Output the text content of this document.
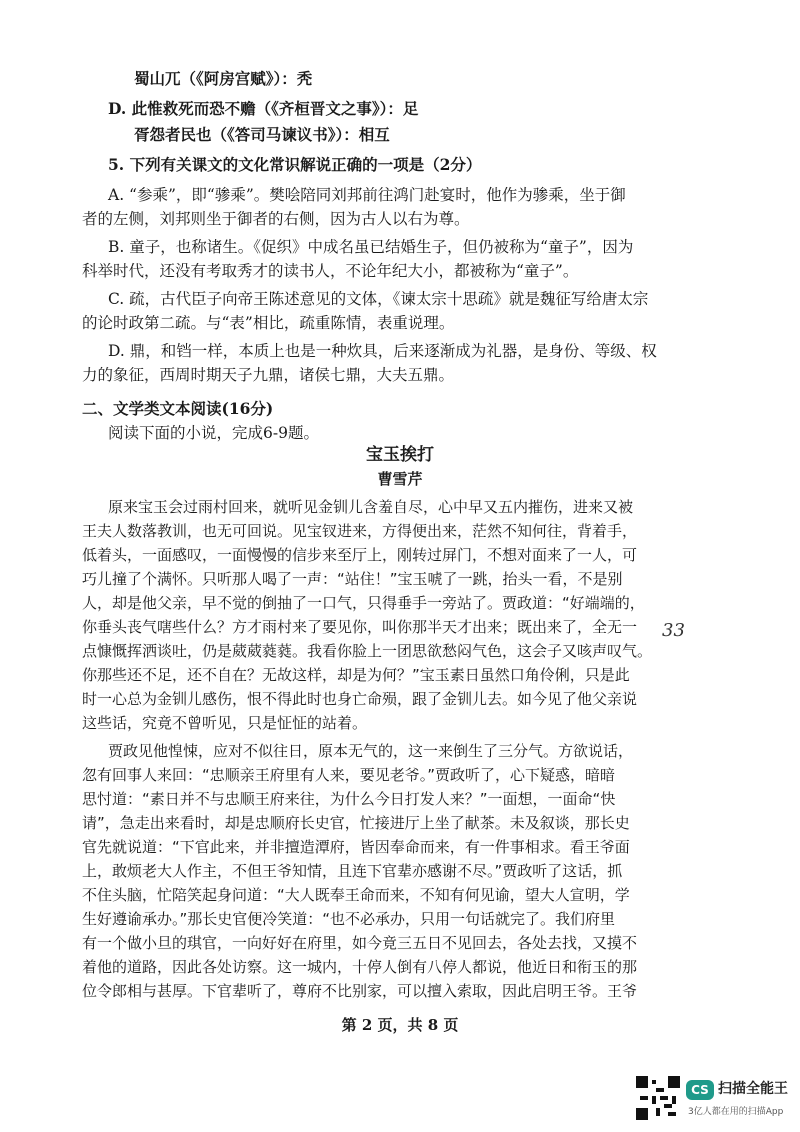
蜀山兀（《阿房宫赋》）：秃
D. 此惟救死而恐不赡（《齐桓晋文之事》）：足
胥怨者民也（《答司马谏议书》）：相互
5. 下列有关课文的文化常识解说正确的一项是（2分）
A. “参乘”，即“骖乘”。樊哙陪同刘邦前往鸿门赴宴时，他作为骖乘，坐于御
者的左侧，刘邦则坐于御者的右侧，因为古人以右为尊。
B. 童子，也称诸生。《促织》中成名虽已结婚生子，但仍被称为“童子”，因为
科举时代，还没有考取秀才的读书人，不论年纪大小，都被称为“童子”。
C. 疏，古代臣子向帝王陈述意见的文体，《谏太宗十思疏》就是魏征写给唐太宗
的论时政第二疏。与“表”相比，疏重陈情，表重说理。
D. 鼎，和铛一样，本质上也是一种炊具，后来逐渐成为礼器，是身份、等级、权
力的象征，西周时期天子九鼎，诸侯七鼎，大夫五鼎。
二、文学类文本阅读(16分)
阅读下面的小说，完成6-9题。
宝玉挨打
曹雪芹
原来宝玉会过雨村回来，就听见金钏儿含羞自尽，心中早又五内摧伤，进来又被
王夫人数落教训，也无可回说。见宝钗进来，方得便出来，茫然不知何往，背着手，
低着头，一面感叹，一面慢慢的信步来至厅上，刚转过屏门，不想对面来了一人，可
巧儿撞了个满怀。只听那人喝了一声：“站住！”宝玉唬了一跳，抬头一看，不是别
人，却是他父亲，早不觉的倒抽了一口气，只得垂手一旁站了。贾政道：“好端端的，
你垂头丧气嗐些什么？方才雨村来了要见你，叫你那半天才出来；既出来了，全无一
点慷慨挥洒谈吐，仍是葳葳蕤蕤。我看你脸上一团思欲愁闷气色，这会子又咳声叹气。
你那些还不足，还不自在？无故这样，却是为何？”宝玉素日虽然口角伶俐，只是此
时一心总为金钏儿感伤，恨不得此时也身亡命殒，跟了金钏儿去。如今见了他父亲说
这些话，究竟不曾听见，只是怔怔的站着。
贾政见他惶悚，应对不似往日，原本无气的，这一来倒生了三分气。方欲说话，
忽有回事人来回：“忠顺亲王府里有人来，要见老爷。”贾政听了，心下疑惑，暗暗
思忖道：“素日并不与忠顺王府来往，为什么今日打发人来？”一面想，一面命“快
请”，急走出来看时，却是忠顺府长史官，忙接进厅上坐了献茶。未及叙谈，那长史
官先就说道：“下官此来，并非擅造潭府，皆因奉命而来，有一件事相求。看王爷面
上，敢烦老大人作主，不但王爷知情，且连下官辈亦感谢不尽。”贾政听了这话，抓
不住头脑，忙陪笑起身问道：“大人既奉王命而来，不知有何见谕，望大人宣明，学
生好遵谕承办。”那长史官便冷笑道：“也不必承办，只用一句话就完了。我们府里
有一个做小旦的琪官，一向好好在府里，如今竟三五日不见回去，各处去找，又摸不
着他的道路，因此各处访察。这一城内，十停人倒有八停人都说，他近日和衔玉的那
位令郎相与甚厚。下官辈听了，尊府不比别家，可以擅入索取，因此启明王爷。王爷
33
第 2 页，共 8 页
CS 扫描全能王
3亿人都在用的扫描App
